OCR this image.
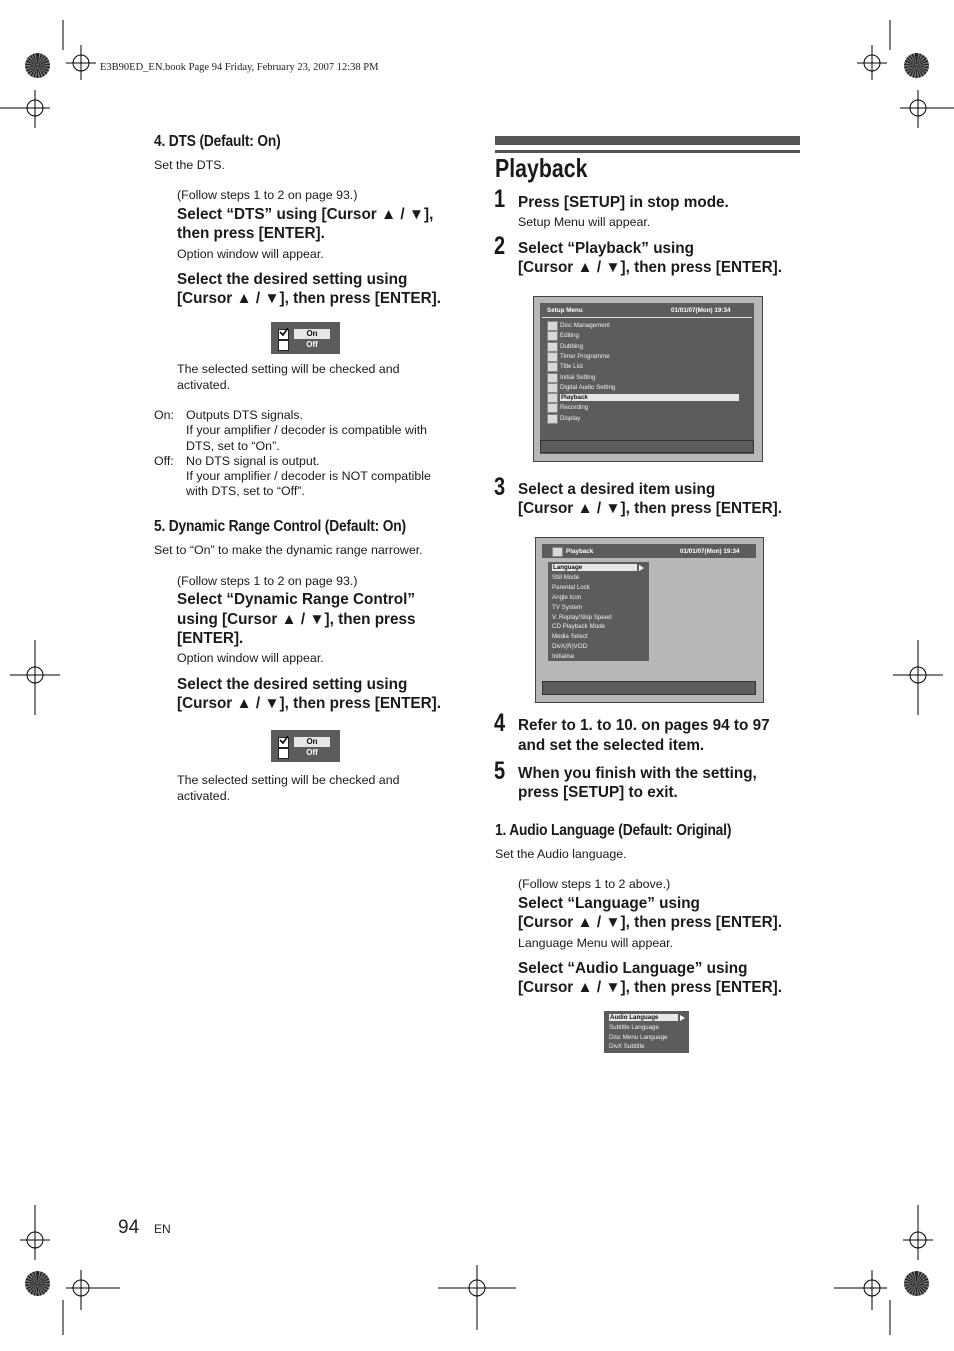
E3B90ED_EN.book Page 94 Friday, February 23, 2007 12:38 PM
4. DTS (Default: On)
Set the DTS.
(Follow steps 1 to 2 on page 93.)
Select “DTS” using [Cursor ▲ / ▼],
then press [ENTER].
Option window will appear.
Select the desired setting using
[Cursor ▲ / ▼], then press [ENTER].
On
Off
The selected setting will be checked and
activated.
On: Outputs DTS signals.
If your amplifier / decoder is compatible with
DTS, set to “On”.
Off: No DTS signal is output.
If your amplifier / decoder is NOT compatible
with DTS, set to “Off”.
5. Dynamic Range Control (Default: On)
Set to “On” to make the dynamic range narrower.
(Follow steps 1 to 2 on page 93.)
Select “Dynamic Range Control”
using [Cursor ▲ / ▼], then press
[ENTER].
Option window will appear.
Select the desired setting using
[Cursor ▲ / ▼], then press [ENTER].
On
Off
The selected setting will be checked and
activated.
Playback
1 Press [SETUP] in stop mode.
Setup Menu will appear.
2 Select “Playback” using
[Cursor ▲ / ▼], then press [ENTER].
Setup Menu	01/01/07(Mon) 19:34
Disc Management
Editing
Dubbing
Timer Programme
Title List
Initial Setting
Digital Audio Setting
Playback
Recording
Display
3 Select a desired item using
[Cursor ▲ / ▼], then press [ENTER].
Playback	01/01/07(Mon) 19:34
Language
Still Mode
Parental Lock
Angle Icon
TV System
V. Replay/Skip Speed
CD Playback Mode
Media Select
DivX(R)VOD
Initialise
4 Refer to 1. to 10. on pages 94 to 97
and set the selected item.
5 When you finish with the setting,
press [SETUP] to exit.
1. Audio Language (Default: Original)
Set the Audio language.
(Follow steps 1 to 2 above.)
Select “Language” using
[Cursor ▲ / ▼], then press [ENTER].
Language Menu will appear.
Select “Audio Language” using
[Cursor ▲ / ▼], then press [ENTER].
Audio Language
Subtitle Language
Disc Menu Language
DivX Subtitle
94 EN
